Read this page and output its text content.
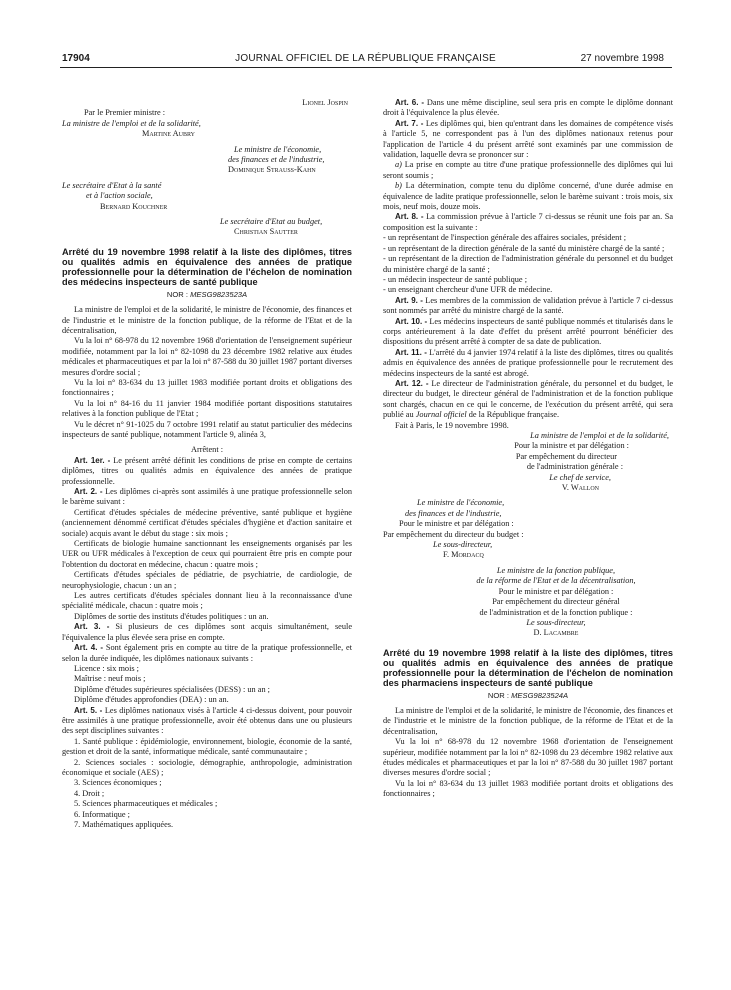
17904	JOURNAL OFFICIEL DE LA RÉPUBLIQUE FRANÇAISE	27 novembre 1998

Lionel Jospin

Par le Premier ministre :

La ministre de l'emploi et de la solidarité,

Martine Aubry

Le ministre de l'économie,

des finances et de l'industrie,

Dominique Strauss-Kahn

Le secrétaire d'Etat à la santé

et à l'action sociale,

Bernard Kouchner

Le secrétaire d'Etat au budget,

Christian Sautter

Arrêté du 19 novembre 1998 relatif à la liste des diplômes, titres ou qualités admis en équivalence des années de pratique professionnelle pour la détermination de l'échelon de nomination des médecins inspecteurs de santé publique

NOR : MESG9823523A

La ministre de l'emploi et de la solidarité, le ministre de l'économie, des finances et de l'industrie et le ministre de la fonction publique, de la réforme de l'Etat et de la décentralisation,

Vu la loi n° 68-978 du 12 novembre 1968 d'orientation de l'enseignement supérieur modifiée, notamment par la loi n° 82-1098 du 23 décembre 1982 relative aux études médicales et pharmaceutiques et par la loi n° 87-588 du 30 juillet 1987 portant diverses mesures d'ordre social ;

Vu la loi n° 83-634 du 13 juillet 1983 modifiée portant droits et obligations des fonctionnaires ;

Vu la loi n° 84-16 du 11 janvier 1984 modifiée portant dispositions statutaires relatives à la fonction publique de l'Etat ;

Vu le décret n° 91-1025 du 7 octobre 1991 relatif au statut particulier des médecins inspecteurs de santé publique, notamment l'article 9, alinéa 3,

Arrêtent :

Art. 1er. - Le présent arrêté définit les conditions de prise en compte de certains diplômes, titres ou qualités admis en équivalence des années de pratique professionnelle.

Art. 2. - Les diplômes ci-après sont assimilés à une pratique professionnelle selon le barème suivant :

Certificat d'études spéciales de médecine préventive, santé publique et hygiène (anciennement dénommé certificat d'études spéciales d'hygiène et d'action sanitaire et sociale) acquis avant le début du stage : six mois ;

Certificats de biologie humaine sanctionnant les enseignements organisés par les UER ou UFR médicales à l'exception de ceux qui pourraient être pris en compte pour l'obtention du doctorat en médecine, chacun : quatre mois ;

Certificats d'études spéciales de pédiatrie, de psychiatrie, de cardiologie, de neurophysiologie, chacun : un an ;

Les autres certificats d'études spéciales donnant lieu à la reconnaissance d'une spécialité médicale, chacun : quatre mois ;

Diplômes de sortie des instituts d'études politiques : un an.

Art. 3. - Si plusieurs de ces diplômes sont acquis simultanément, seule l'équivalence la plus élevée sera prise en compte.

Art. 4. - Sont également pris en compte au titre de la pratique professionnelle, et selon la durée indiquée, les diplômes nationaux suivants :

Licence : six mois ;

Maîtrise : neuf mois ;

Diplôme d'études supérieures spécialisées (DESS) : un an ;

Diplôme d'études approfondies (DEA) : un an.

Art. 5. - Les diplômes nationaux visés à l'article 4 ci-dessus doivent, pour pouvoir être assimilés à une pratique professionnelle, avoir été obtenus dans une ou plusieurs des sept disciplines suivantes :

1. Santé publique : épidémiologie, environnement, biologie, économie de la santé, gestion et droit de la santé, informatique médicale, santé communautaire ;

2. Sciences sociales : sociologie, démographie, anthropologie, administration économique et sociale (AES) ;

3. Sciences économiques ;

4. Droit ;

5. Sciences pharmaceutiques et médicales ;

6. Informatique ;

7. Mathématiques appliquées.

Art. 6. - Dans une même discipline, seul sera pris en compte le diplôme donnant droit à l'équivalence la plus élevée.

Art. 7. - Les diplômes qui, bien qu'entrant dans les domaines de compétence visés à l'article 5, ne correspondent pas à l'un des diplômes nationaux retenus pour l'application de l'article 4 du présent arrêté sont examinés par une commission de validation, laquelle devra se prononcer sur :

a) La prise en compte au titre d'une pratique professionnelle des diplômes qui lui seront soumis ;

b) La détermination, compte tenu du diplôme concerné, d'une durée admise en équivalence de ladite pratique professionnelle, selon le barème suivant : trois mois, six mois, neuf mois, douze mois.

Art. 8. - La commission prévue à l'article 7 ci-dessus se réunit une fois par an. Sa composition est la suivante :

- un représentant de l'inspection générale des affaires sociales, président ;

- un représentant de la direction générale de la santé du ministère chargé de la santé ;

- un représentant de la direction de l'administration générale du personnel et du budget du ministère chargé de la santé ;

- un médecin inspecteur de santé publique ;

- un enseignant chercheur d'une UFR de médecine.

Art. 9. - Les membres de la commission de validation prévue à l'article 7 ci-dessus sont nommés par arrêté du ministre chargé de la santé.

Art. 10. - Les médecins inspecteurs de santé publique nommés et titularisés dans le corps antérieurement à la date d'effet du présent arrêté pourront bénéficier des dispositions du présent arrêté à compter de sa date de publication.

Art. 11. - L'arrêté du 4 janvier 1974 relatif à la liste des diplômes, titres ou qualités admis en équivalence des années de pratique professionnelle pour le recrutement des médecins inspecteurs de la santé est abrogé.

Art. 12. - Le directeur de l'administration générale, du personnel et du budget, le directeur du budget, le directeur général de l'administration et de la fonction publique sont chargés, chacun en ce qui le concerne, de l'exécution du présent arrêté, qui sera publié au Journal officiel de la République française.

Fait à Paris, le 19 novembre 1998.

La ministre de l'emploi et de la solidarité,

Pour la ministre et par délégation :

Par empêchement du directeur

de l'administration générale :

Le chef de service,

V. Wallon

Le ministre de l'économie,

des finances et de l'industrie,

Pour le ministre et par délégation :

Par empêchement du directeur du budget :

Le sous-directeur,

F. Mordacq

Le ministre de la fonction publique,

de la réforme de l'Etat et de la décentralisation,

Pour le ministre et par délégation :

Par empêchement du directeur général

de l'administration et de la fonction publique :

Le sous-directeur,

D. Lacambre

Arrêté du 19 novembre 1998 relatif à la liste des diplômes, titres ou qualités admis en équivalence des années de pratique professionnelle pour la détermination de l'échelon de nomination des pharmaciens inspecteurs de santé publique

NOR : MESG9823524A

La ministre de l'emploi et de la solidarité, le ministre de l'économie, des finances et de l'industrie et le ministre de la fonction publique, de la réforme de l'Etat et de la décentralisation,

Vu la loi n° 68-978 du 12 novembre 1968 d'orientation de l'enseignement supérieur, modifiée notamment par la loi n° 82-1098 du 23 décembre 1982 relative aux études médicales et pharmaceutiques et par la loi n° 87-588 du 30 juillet 1987 portant diverses mesures d'ordre social ;

Vu la loi n° 83-634 du 13 juillet 1983 modifiée portant droits et obligations des fonctionnaires ;
